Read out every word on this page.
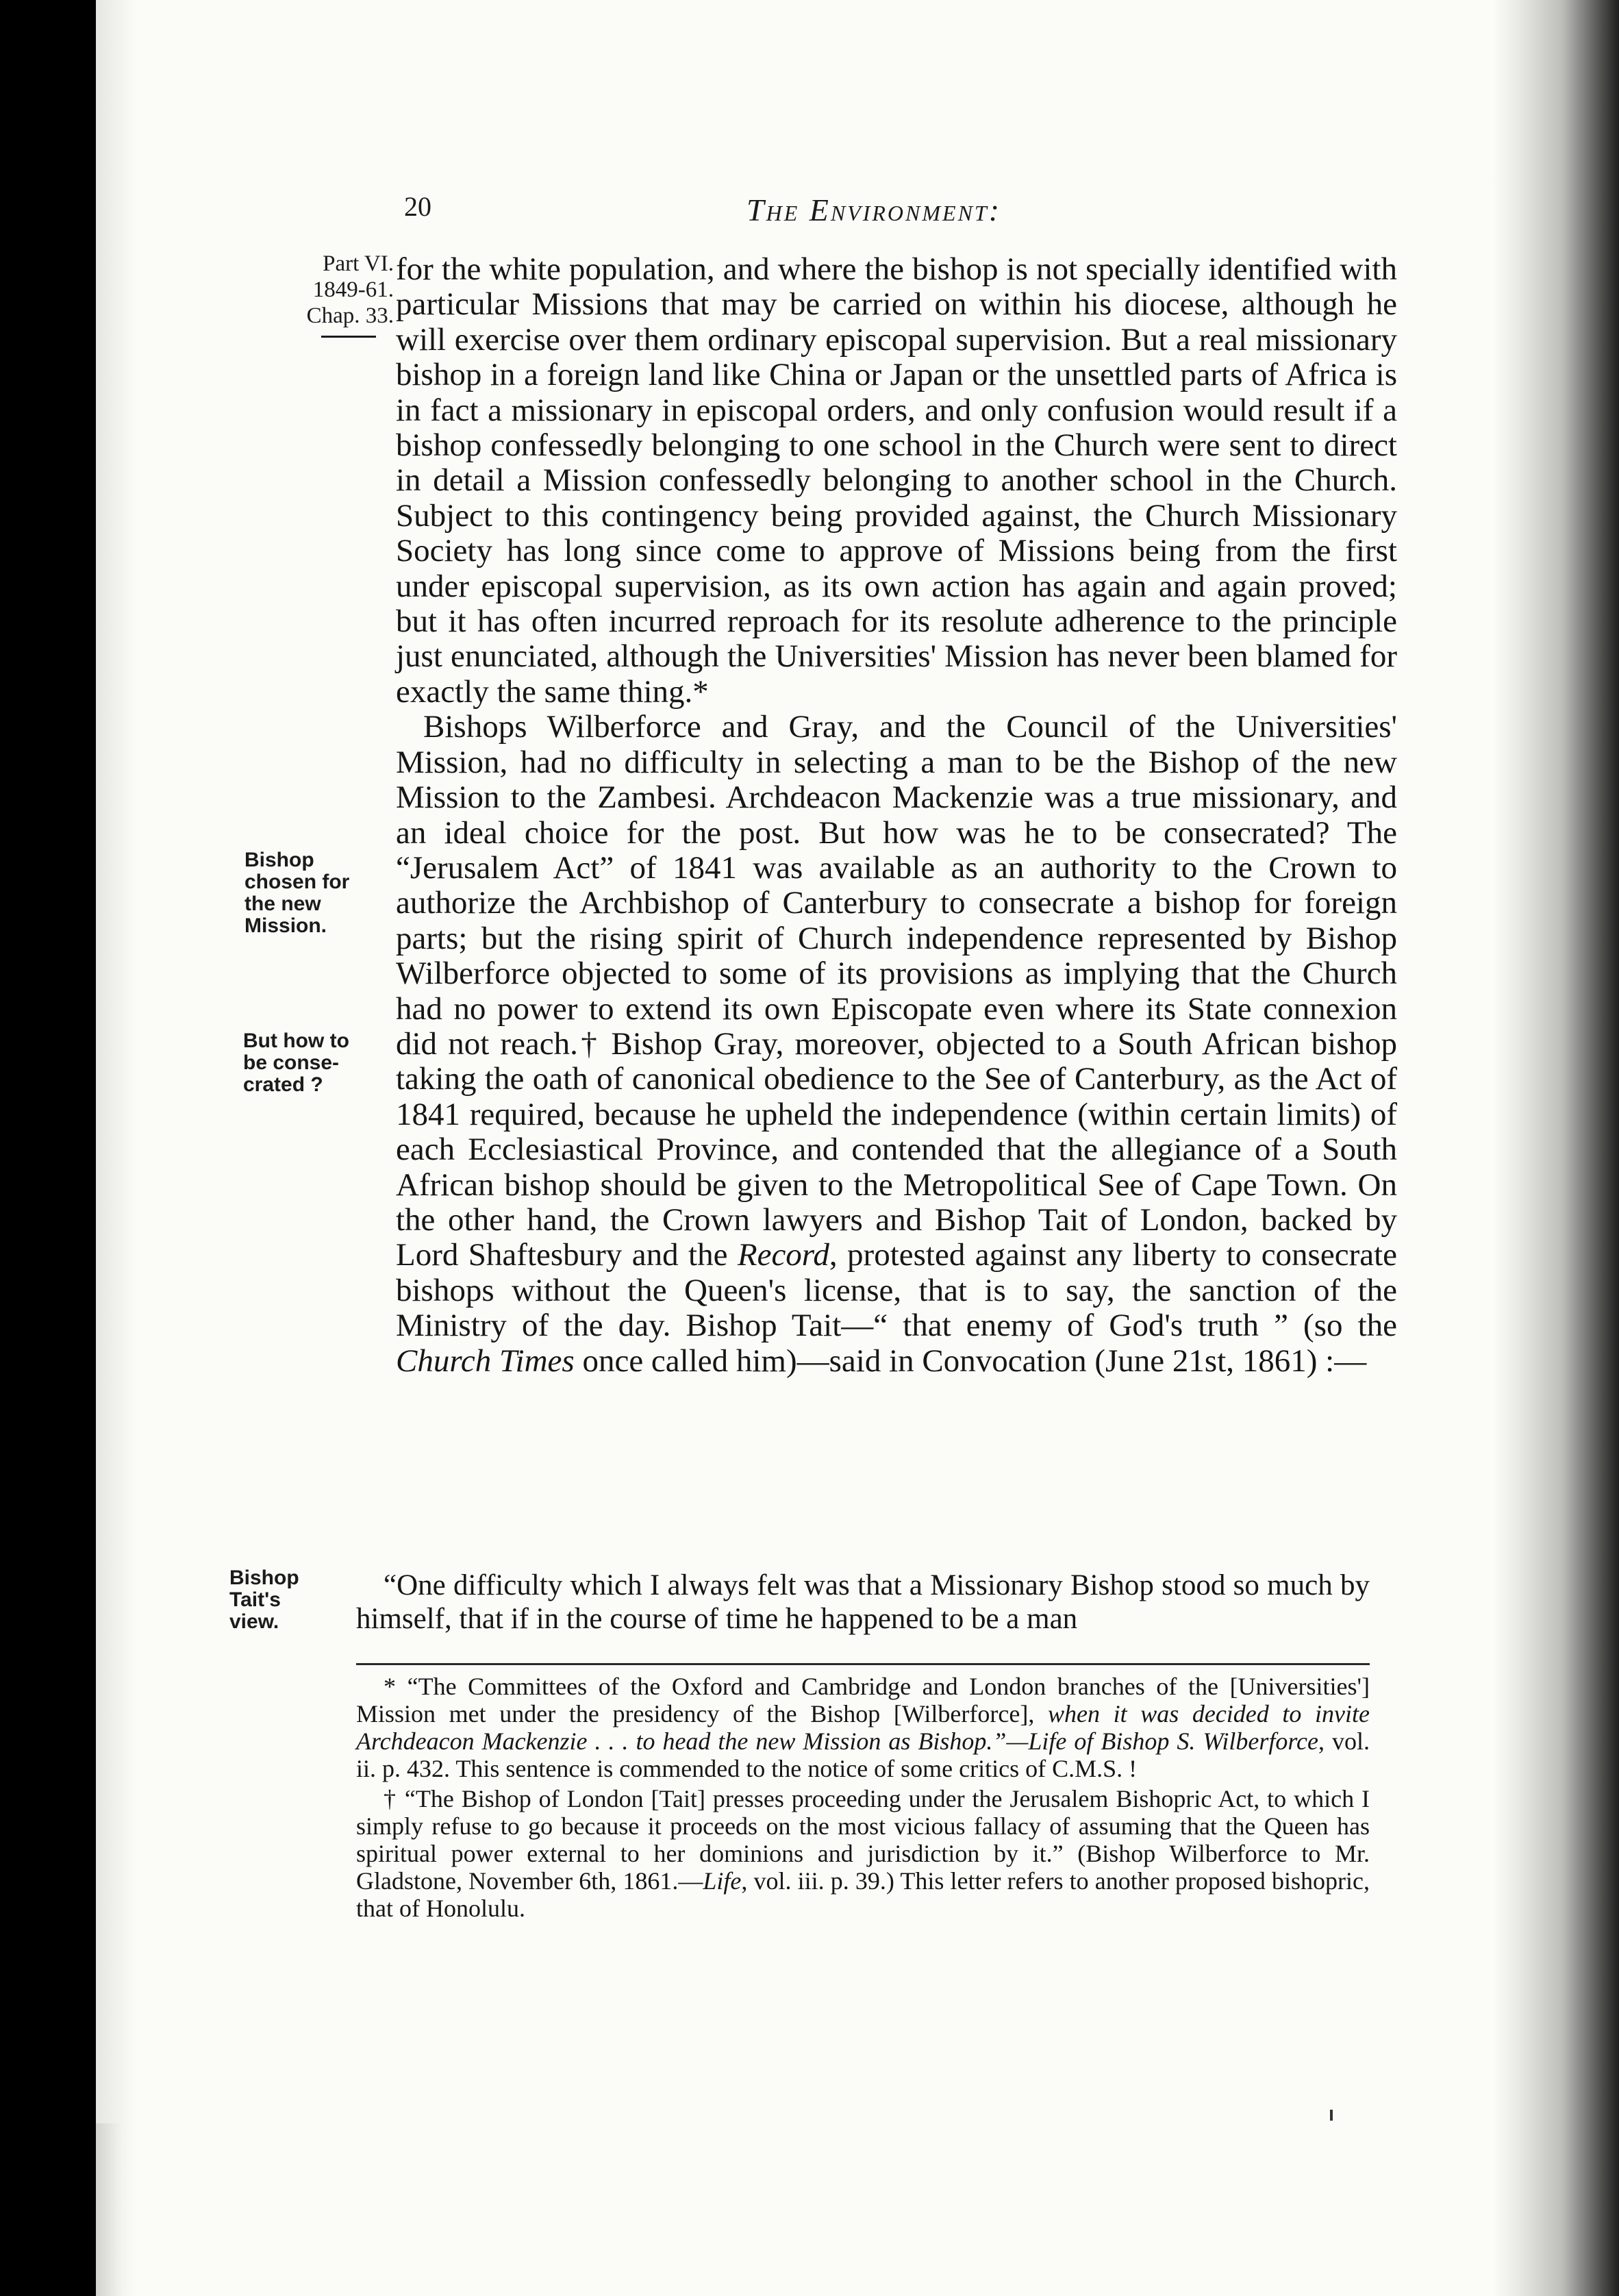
20	The Environment:
Part VI.
1849-61.
Chap. 33.
Bishop chosen for the new Mission.
But how to be conse- crated ?
Bishop Tait's view.

for the white population, and where the bishop is not specially identified with particular Missions that may be carried on within his diocese, although he will exercise over them ordinary episcopal supervision. But a real missionary bishop in a foreign land like China or Japan or the unsettled parts of Africa is in fact a missionary in episcopal orders, and only confusion would result if a bishop confessedly belonging to one school in the Church were sent to direct in detail a Mission confessedly belonging to another school in the Church. Subject to this contingency being provided against, the Church Missionary Society has long since come to approve of Missions being from the first under episcopal supervision, as its own action has again and again proved; but it has often incurred reproach for its resolute adherence to the principle just enunciated, although the Universities' Mission has never been blamed for exactly the same thing.*

Bishops Wilberforce and Gray, and the Council of the Universities' Mission, had no difficulty in selecting a man to be the Bishop of the new Mission to the Zambesi. Archdeacon Mackenzie was a true missionary, and an ideal choice for the post. But how was he to be consecrated? The “Jerusalem Act” of 1841 was available as an authority to the Crown to authorize the Archbishop of Canterbury to consecrate a bishop for foreign parts; but the rising spirit of Church independence represented by Bishop Wilberforce objected to some of its provisions as implying that the Church had no power to extend its own Episcopate even where its State connexion did not reach.† Bishop Gray, moreover, objected to a South African bishop taking the oath of canonical obedience to the See of Canterbury, as the Act of 1841 required, because he upheld the independence (within certain limits) of each Ecclesiastical Province, and contended that the allegiance of a South African bishop should be given to the Metropolitical See of Cape Town. On the other hand, the Crown lawyers and Bishop Tait of London, backed by Lord Shaftesbury and the Record, protested against any liberty to consecrate bishops without the Queen's license, that is to say, the sanction of the Ministry of the day. Bishop Tait—“ that enemy of God's truth ” (so the Church Times once called him)—said in Convocation (June 21st, 1861) :—

“One difficulty which I always felt was that a Missionary Bishop stood so much by himself, that if in the course of time he happened to be a man

* “The Committees of the Oxford and Cambridge and London branches of the [Universities'] Mission met under the presidency of the Bishop [Wilberforce], when it was decided to invite Archdeacon Mackenzie . . . to head the new Mission as Bishop.”—Life of Bishop S. Wilberforce, vol. ii. p. 432. This sentence is commended to the notice of some critics of C.M.S. !

† “The Bishop of London [Tait] presses proceeding under the Jerusalem Bishopric Act, to which I simply refuse to go because it proceeds on the most vicious fallacy of assuming that the Queen has spiritual power external to her dominions and jurisdiction by it.” (Bishop Wilberforce to Mr. Gladstone, November 6th, 1861.—Life, vol. iii. p. 39.) This letter refers to another proposed bishopric, that of Honolulu.
